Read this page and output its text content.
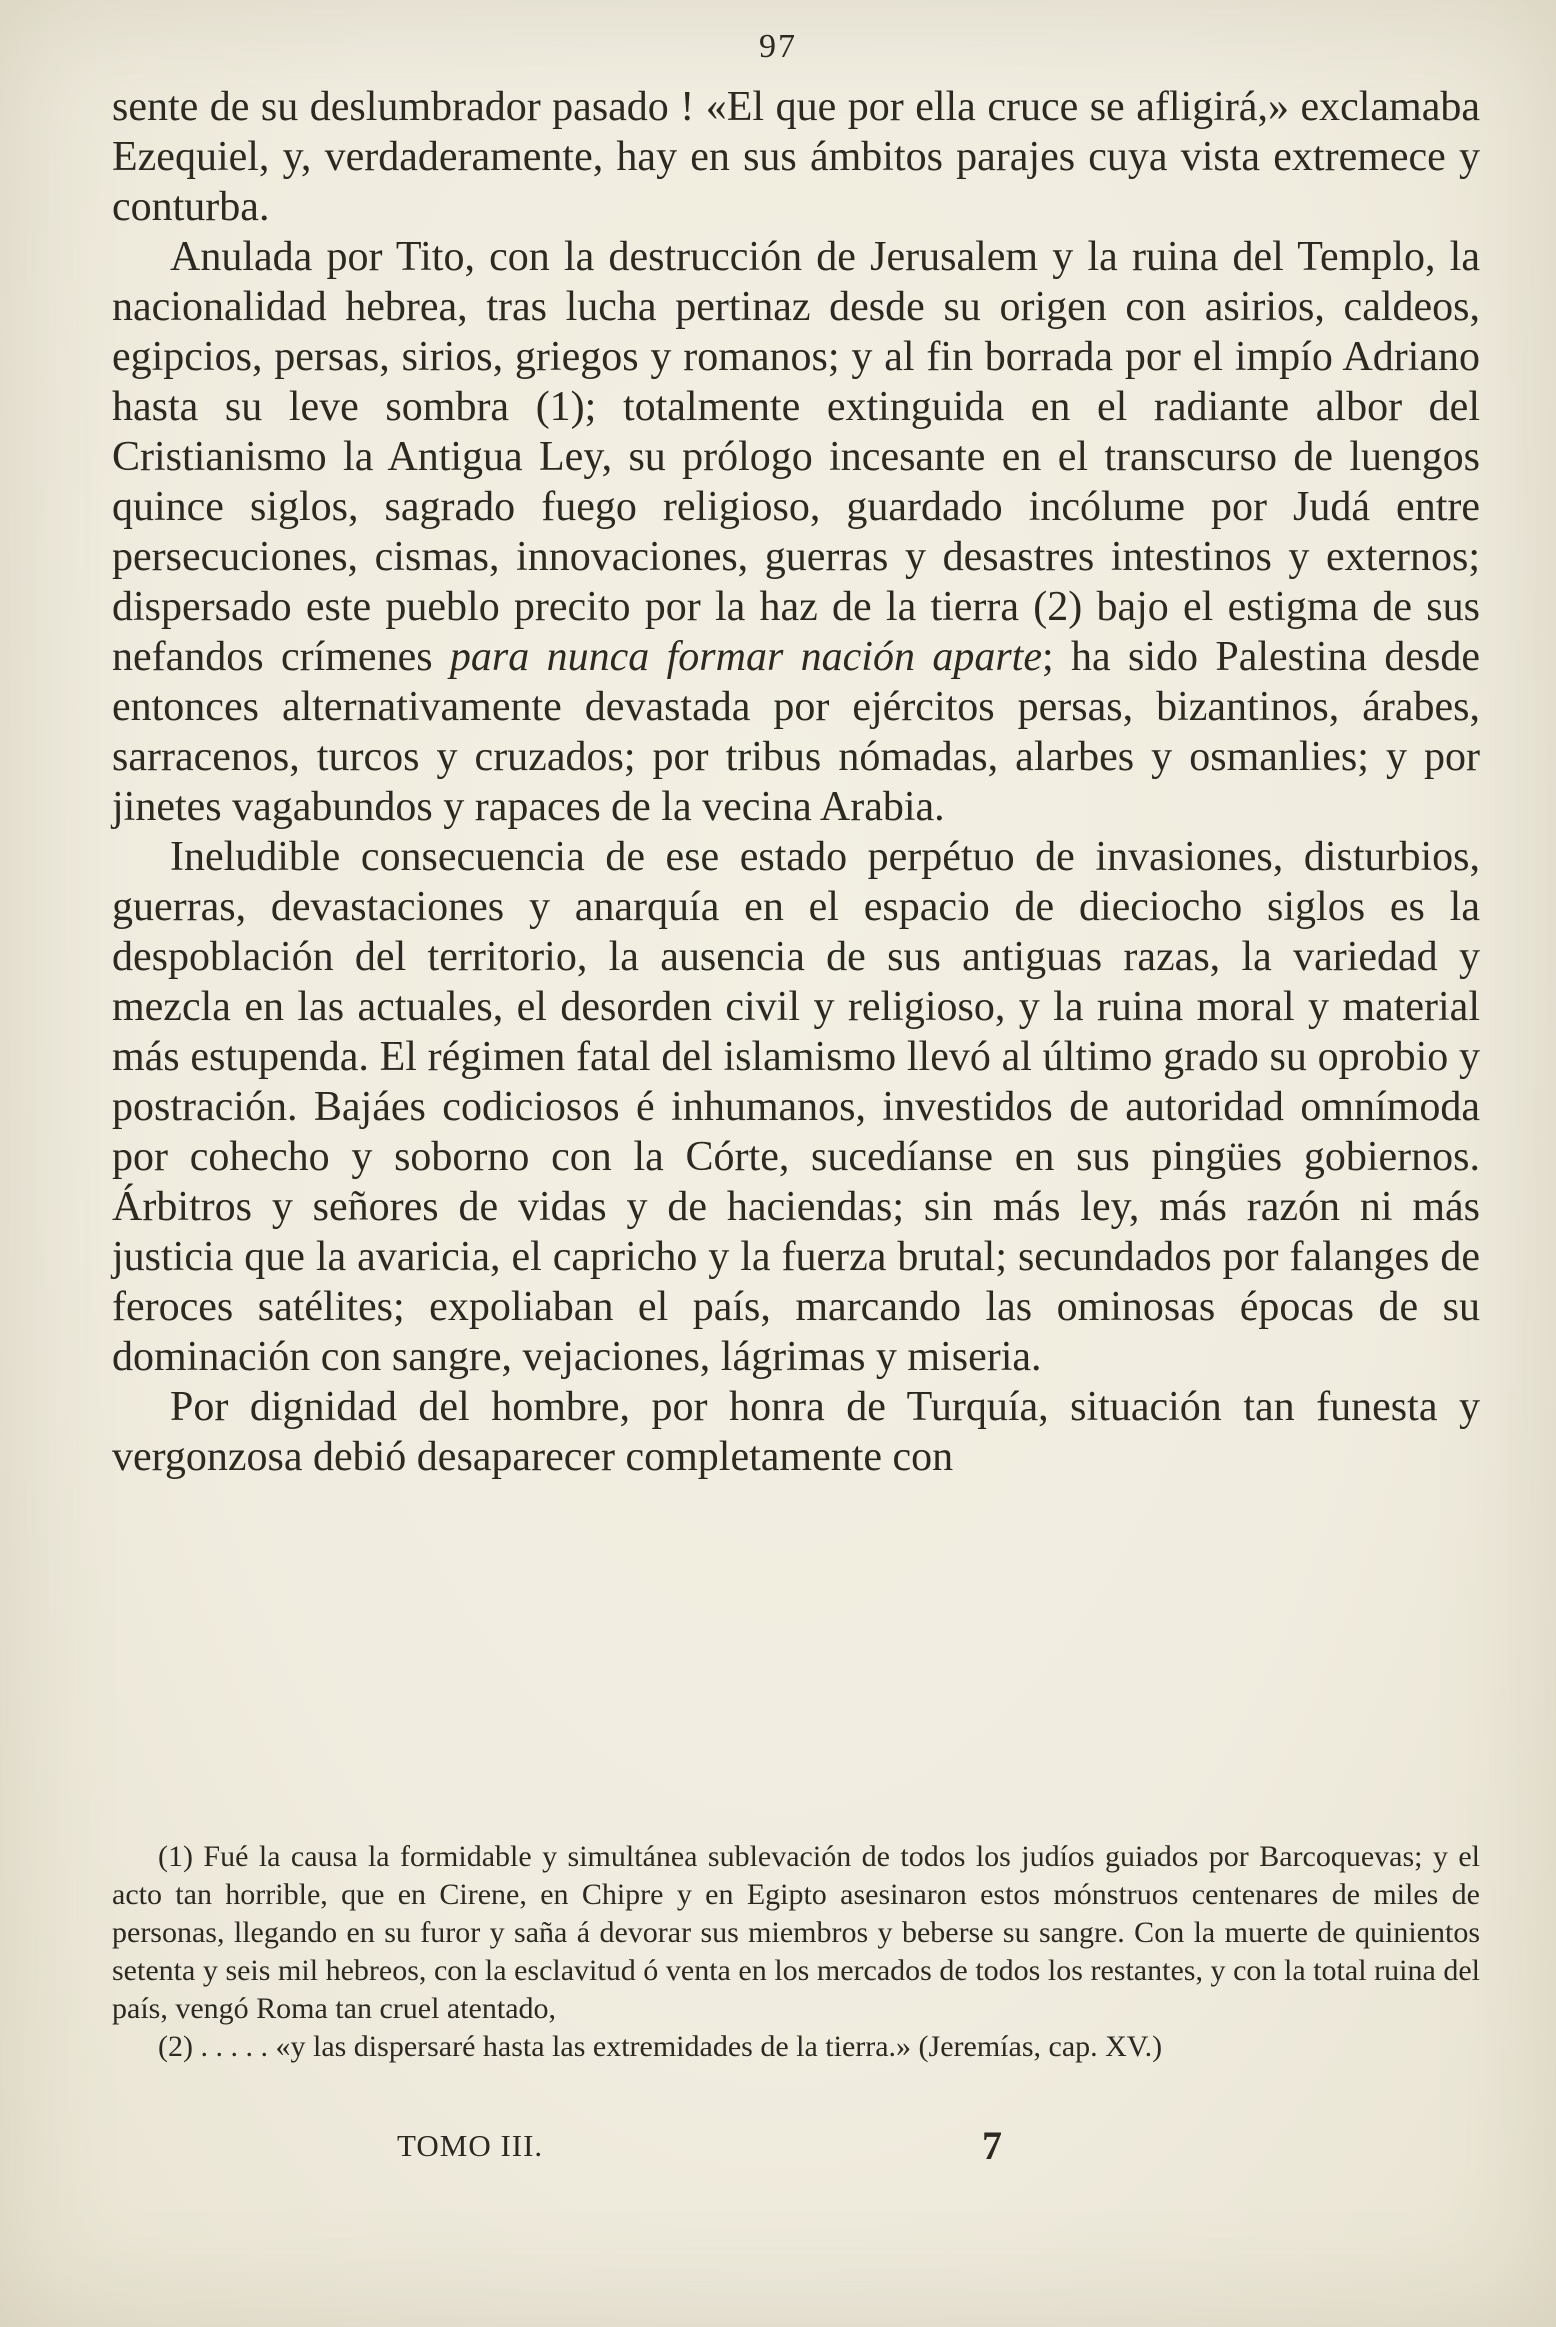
97

sente de su deslumbrador pasado ! «El que por ella cruce se afligirá,» exclamaba Ezequiel, y, verdaderamente, hay en sus ámbitos parajes cuya vista extremece y conturba.

Anulada por Tito, con la destrucción de Jerusalem y la ruina del Templo, la nacionalidad hebrea, tras lucha pertinaz desde su origen con asirios, caldeos, egipcios, persas, sirios, griegos y romanos; y al fin borrada por el impío Adriano hasta su leve sombra (1); totalmente extinguida en el radiante albor del Cristianismo la Antigua Ley, su prólogo incesante en el transcurso de luengos quince siglos, sagrado fuego religioso, guardado incólume por Judá entre persecuciones, cismas, innovaciones, guerras y desastres intestinos y externos; dispersado este pueblo precito por la haz de la tierra (2) bajo el estigma de sus nefandos crímenes para nunca formar nación aparte; ha sido Palestina desde entonces alternativamente devastada por ejércitos persas, bizantinos, árabes, sarracenos, turcos y cruzados; por tribus nómadas, alarbes y osmanlies; y por jinetes vagabundos y rapaces de la vecina Arabia.

Ineludible consecuencia de ese estado perpétuo de invasiones, disturbios, guerras, devastaciones y anarquía en el espacio de dieciocho siglos es la despoblación del territorio, la ausencia de sus antiguas razas, la variedad y mezcla en las actuales, el desorden civil y religioso, y la ruina moral y material más estupenda. El régimen fatal del islamismo llevó al último grado su oprobio y postración. Bajáes codiciosos é inhumanos, investidos de autoridad omnímoda por cohecho y soborno con la Córte, sucedíanse en sus pingües gobiernos. Árbitros y señores de vidas y de haciendas; sin más ley, más razón ni más justicia que la avaricia, el capricho y la fuerza brutal; secundados por falanges de feroces satélites; expoliaban el país, marcando las ominosas épocas de su dominación con sangre, vejaciones, lágrimas y miseria.

Por dignidad del hombre, por honra de Turquía, situación tan funesta y vergonzosa debió desaparecer completamente con

(1) Fué la causa la formidable y simultánea sublevación de todos los judíos guiados por Barcoquevas; y el acto tan horrible, que en Cirene, en Chipre y en Egipto asesinaron estos mónstruos centenares de miles de personas, llegando en su furor y saña á devorar sus miembros y beberse su sangre. Con la muerte de quinientos setenta y seis mil hebreos, con la esclavitud ó venta en los mercados de todos los restantes, y con la total ruina del país, vengó Roma tan cruel atentado,

(2) . . . . . «y las dispersaré hasta las extremidades de la tierra.» (Jeremías, cap. XV.)

TOMO III.	7
